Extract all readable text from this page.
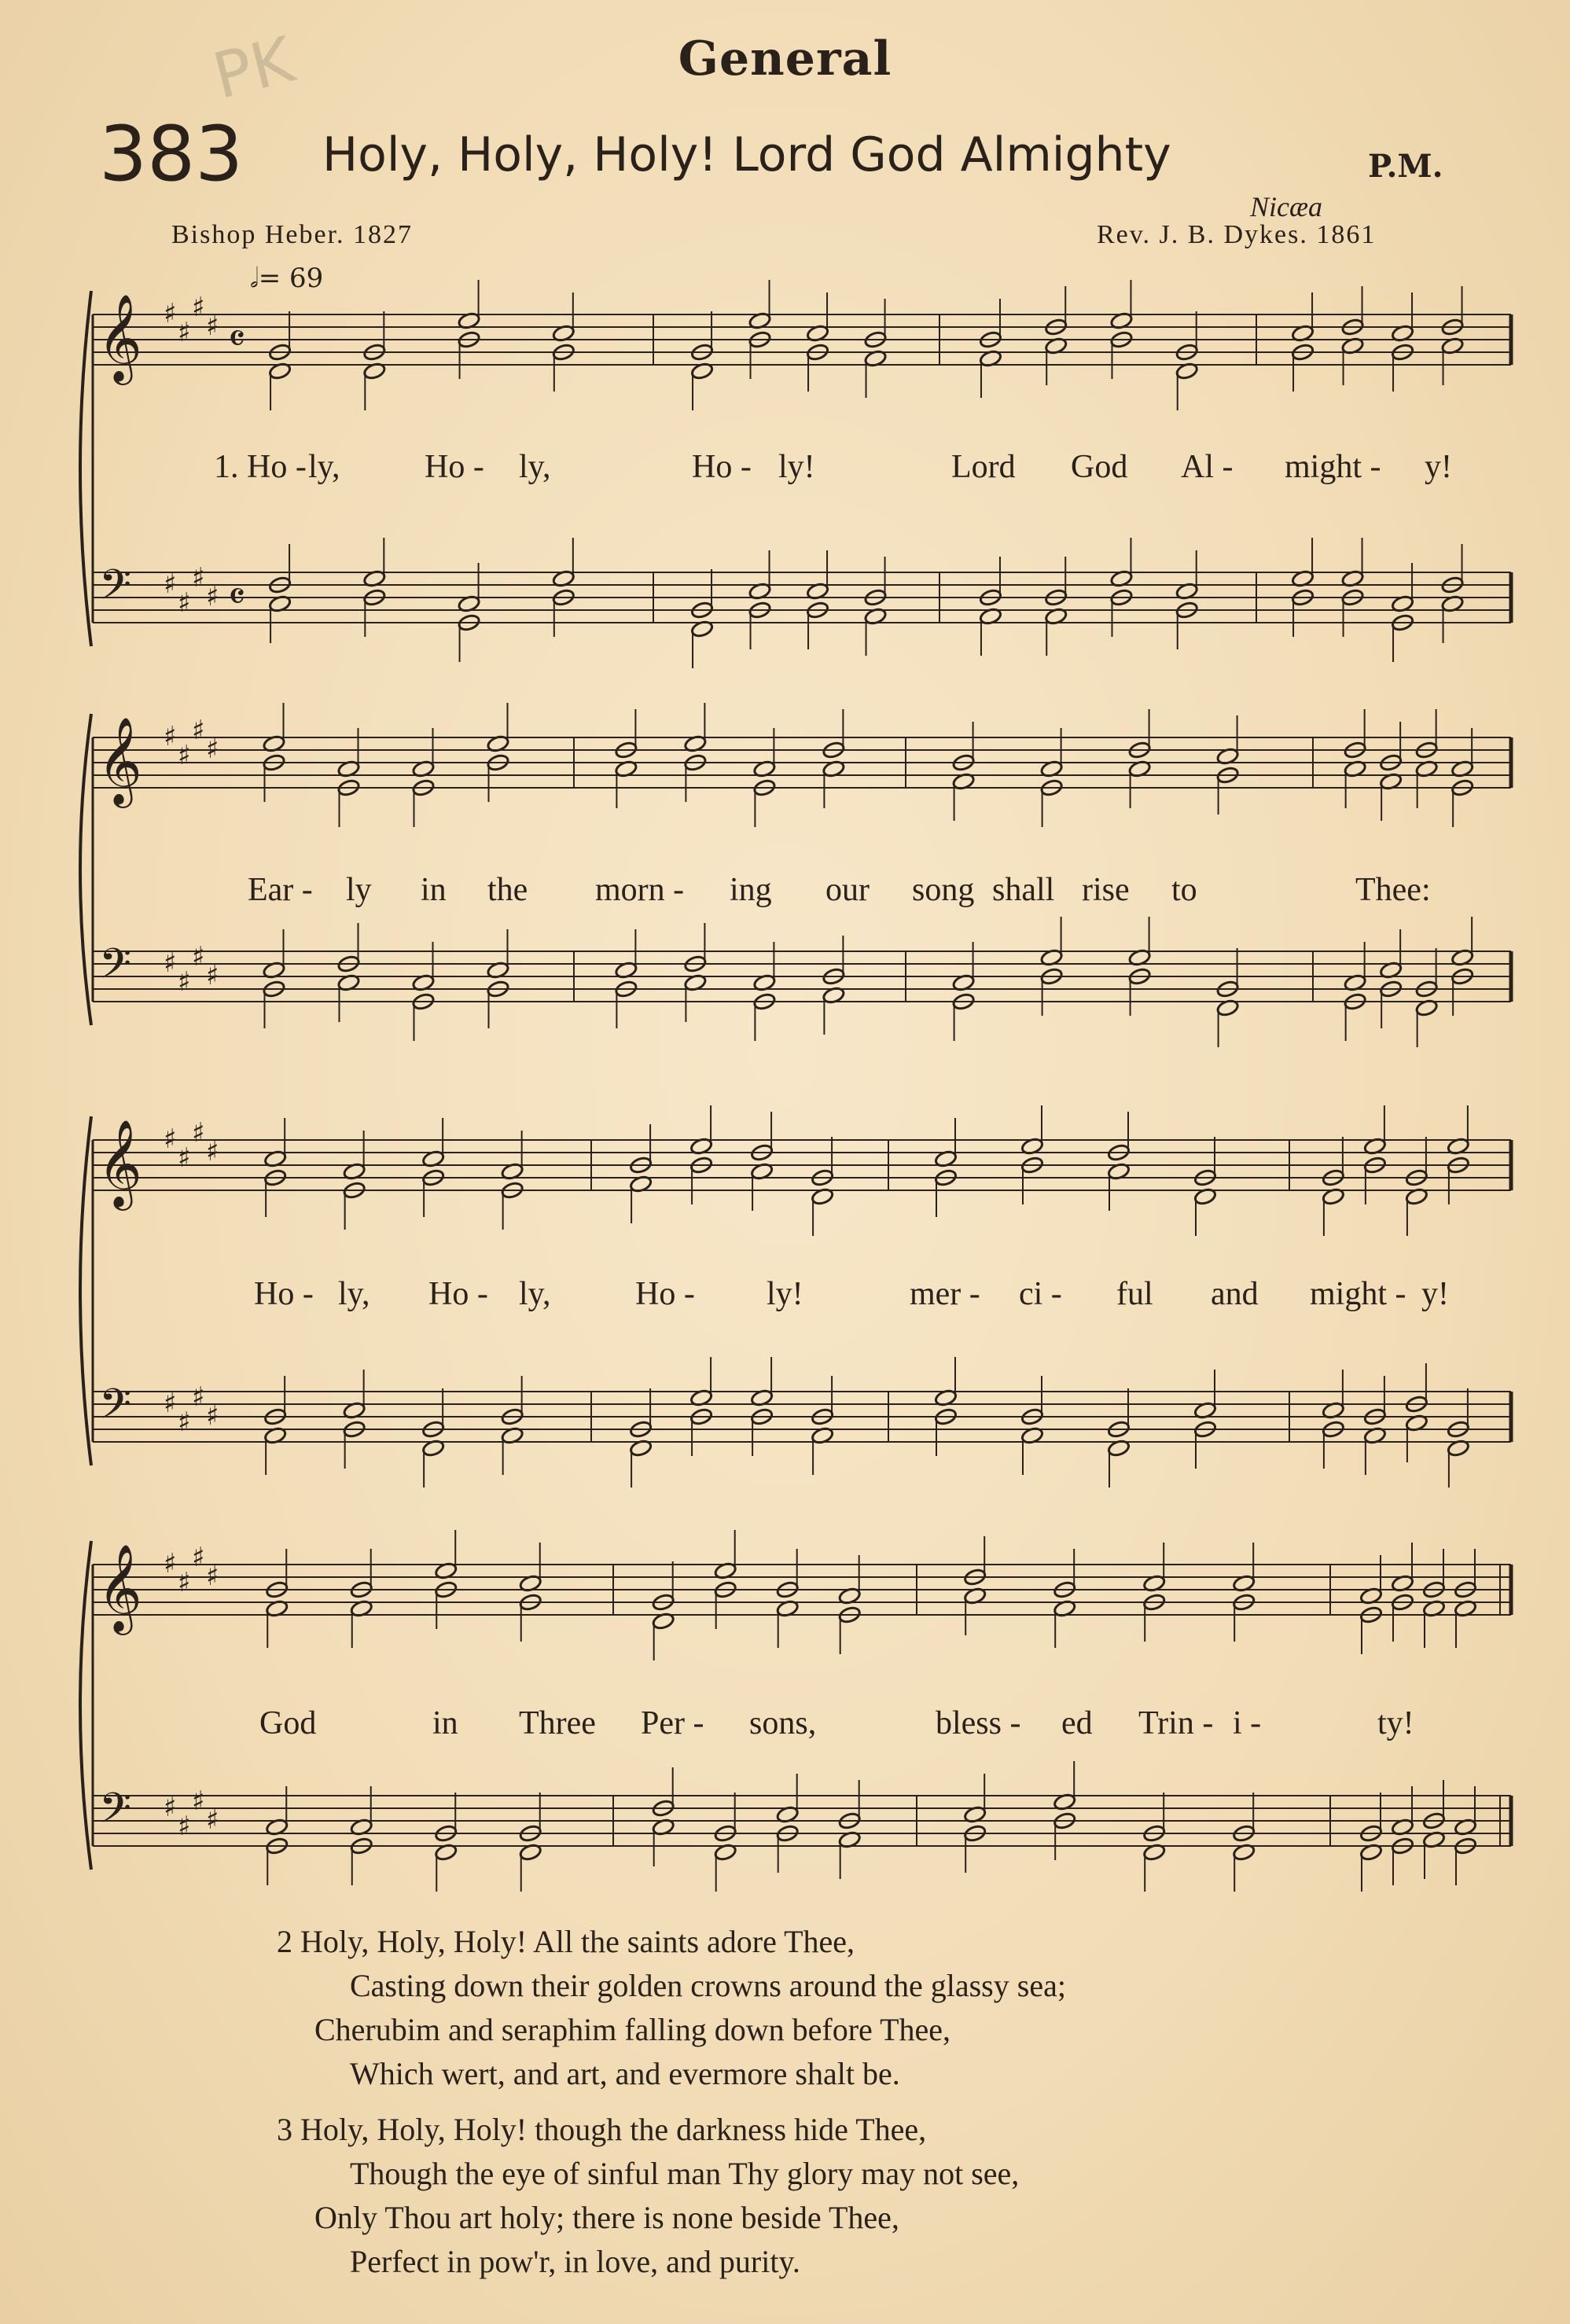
PK	General
383 Holy, Holy, Holy! Lord God Almighty	P.M.
Nicæa
Bishop Heber. 1827	Rev. J. B. Dykes. 1861
𝅗𝅥= 69
𝄞
𝄢
♯
♯
♯
♯
♯
♯
♯
♯
𝄴
𝄴
𝄞
𝄢
♯
♯
♯
♯
♯
♯
♯
♯
𝄞
𝄢
♯
♯
♯
♯
♯
♯
♯
♯
𝄞
𝄢
♯
♯
♯
♯
♯
♯
♯
♯
1. Ho - ly,	Ho - ly,	Ho - ly!	Lord God Al - might - y!
Ear - ly in the morn - ing our song shall rise to	Thee:
Ho - ly, Ho - ly,	Ho - ly!	mer - ci - ful and might - y!
God	in Three Per - sons,	bless - ed Trin - i -	ty!
2 Holy, Holy, Holy! All the saints adore Thee,
Casting down their golden crowns around the glassy sea;
Cherubim and seraphim falling down before Thee,
Which wert, and art, and evermore shalt be.
3 Holy, Holy, Holy! though the darkness hide Thee,
Though the eye of sinful man Thy glory may not see,
Only Thou art holy; there is none beside Thee,
Perfect in pow'r, in love, and purity.
